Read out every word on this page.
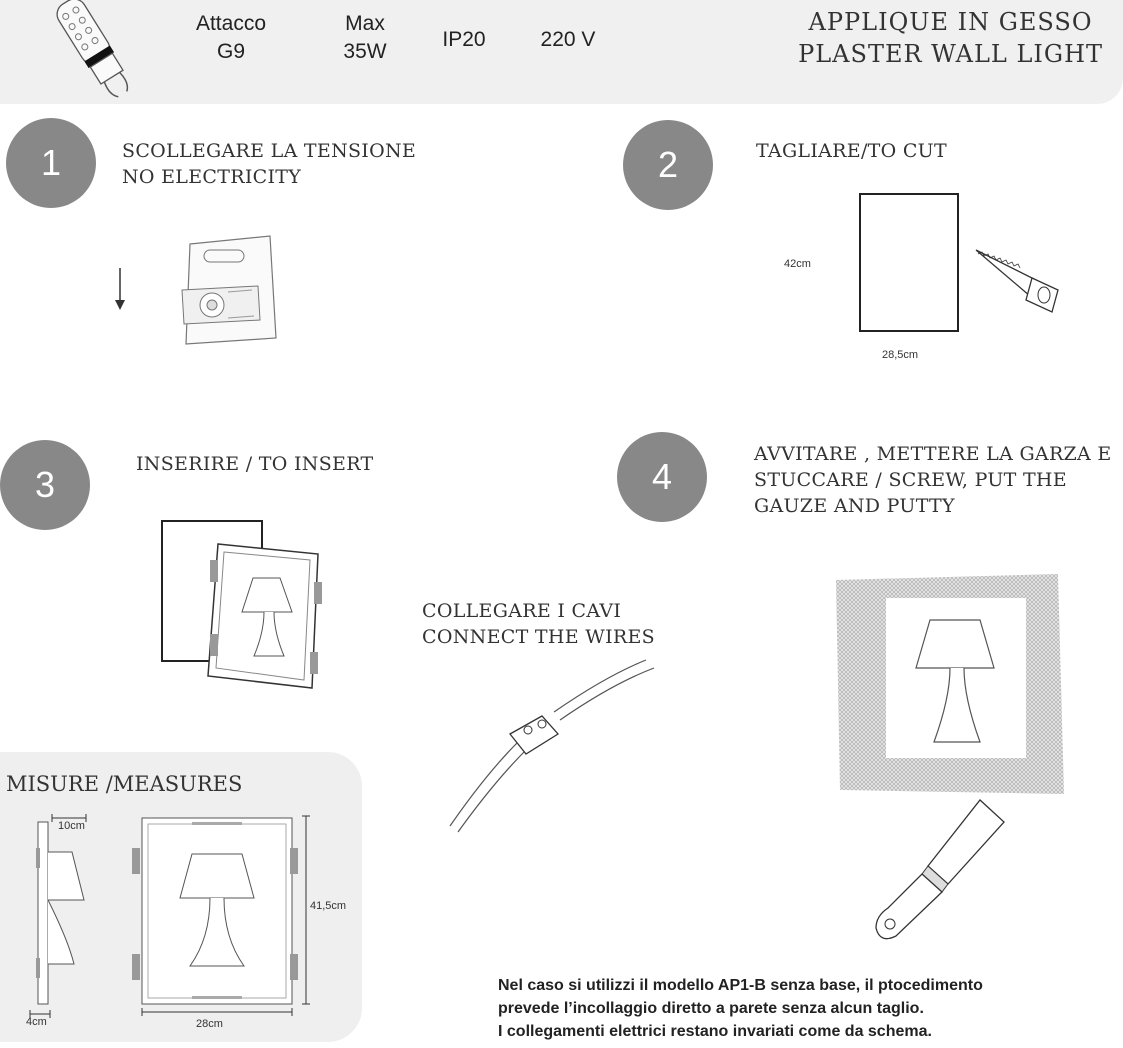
Attacco
G9
Max
35W
IP20	220 V
APPLIQUE IN GESSO
PLASTER WALL LIGHT
1	SCOLLEGARE LA TENSIONE
NO ELECTRICITY	2	TAGLIARE/TO CUT
42cm
28,5cm
3	INSERIRE / TO INSERT
COLLEGARE I CAVI
CONNECT THE WIRES
4
AVVITARE , METTERE LA GARZA E
STUCCARE / SCREW, PUT THE
GAUZE AND PUTTY
MISURE /MEASURES
10cm
4cm
41,5cm
28cm
Nel caso si utilizzi il modello AP1-B senza base, il ptocedimento
prevede l’incollaggio diretto a parete senza alcun taglio.
I collegamenti elettrici restano invariati come da schema.
